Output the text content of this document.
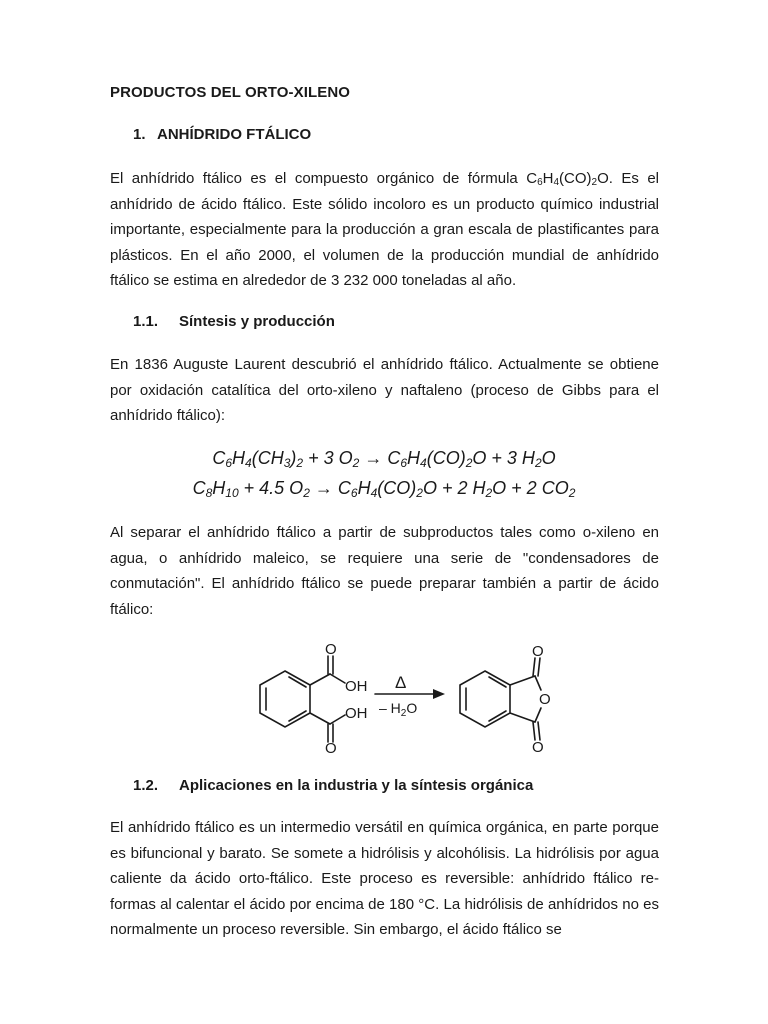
PRODUCTOS DEL ORTO-XILENO
1. ANHÍDRIDO FTÁLICO

El anhídrido ftálico es el compuesto orgánico de fórmula $C_6H_4(CO)_2O$. Es el anhídrido de ácido ftálico. Este sólido incoloro es un producto químico industrial importante, especialmente para la producción a gran escala de plastificantes para plásticos. En el año 2000, el volumen de la producción mundial de anhídrido ftálico se estima en alrededor de 3 232 000 toneladas al año.

1.1. Síntesis y producción

En 1836 Auguste Laurent descubrió el anhídrido ftálico. Actualmente se obtiene por oxidación catalítica del orto-xileno y naftaleno (proceso de Gibbs para el anhídrido ftálico):

$C_6H_4(CH_3)_2 + 3$ $O_2 \to C_6H_4(CO)_2O + 3$ $H_2O$

$C_8H_{10} + 4.5$ $O_2 \to C_6H_4(CO)_2O + 2$ $H_2O + 2$ $CO_2$

Al separar el anhídrido ftálico a partir de subproductos tales como o-xileno en agua, o anhídrido maleico, se requiere una serie de "condensadores de conmutación". El anhídrido ftálico se puede preparar también a partir de ácido ftálico:

O
OH
OH
O
Δ
– $H_2O$
O
O
O
1.2. Aplicaciones en la industria y la síntesis orgánica

El anhídrido ftálico es un intermedio versátil en química orgánica, en parte porque es bifuncional y barato. Se somete a hidrólisis y alcohólisis. La hidrólisis por agua caliente da ácido orto-ftálico. Este proceso es reversible: anhídrido ftálico re-formas al calentar el ácido por encima de 180 °C. La hidrólisis de anhídridos no es normalmente un proceso reversible. Sin embargo, el ácido ftálico se
